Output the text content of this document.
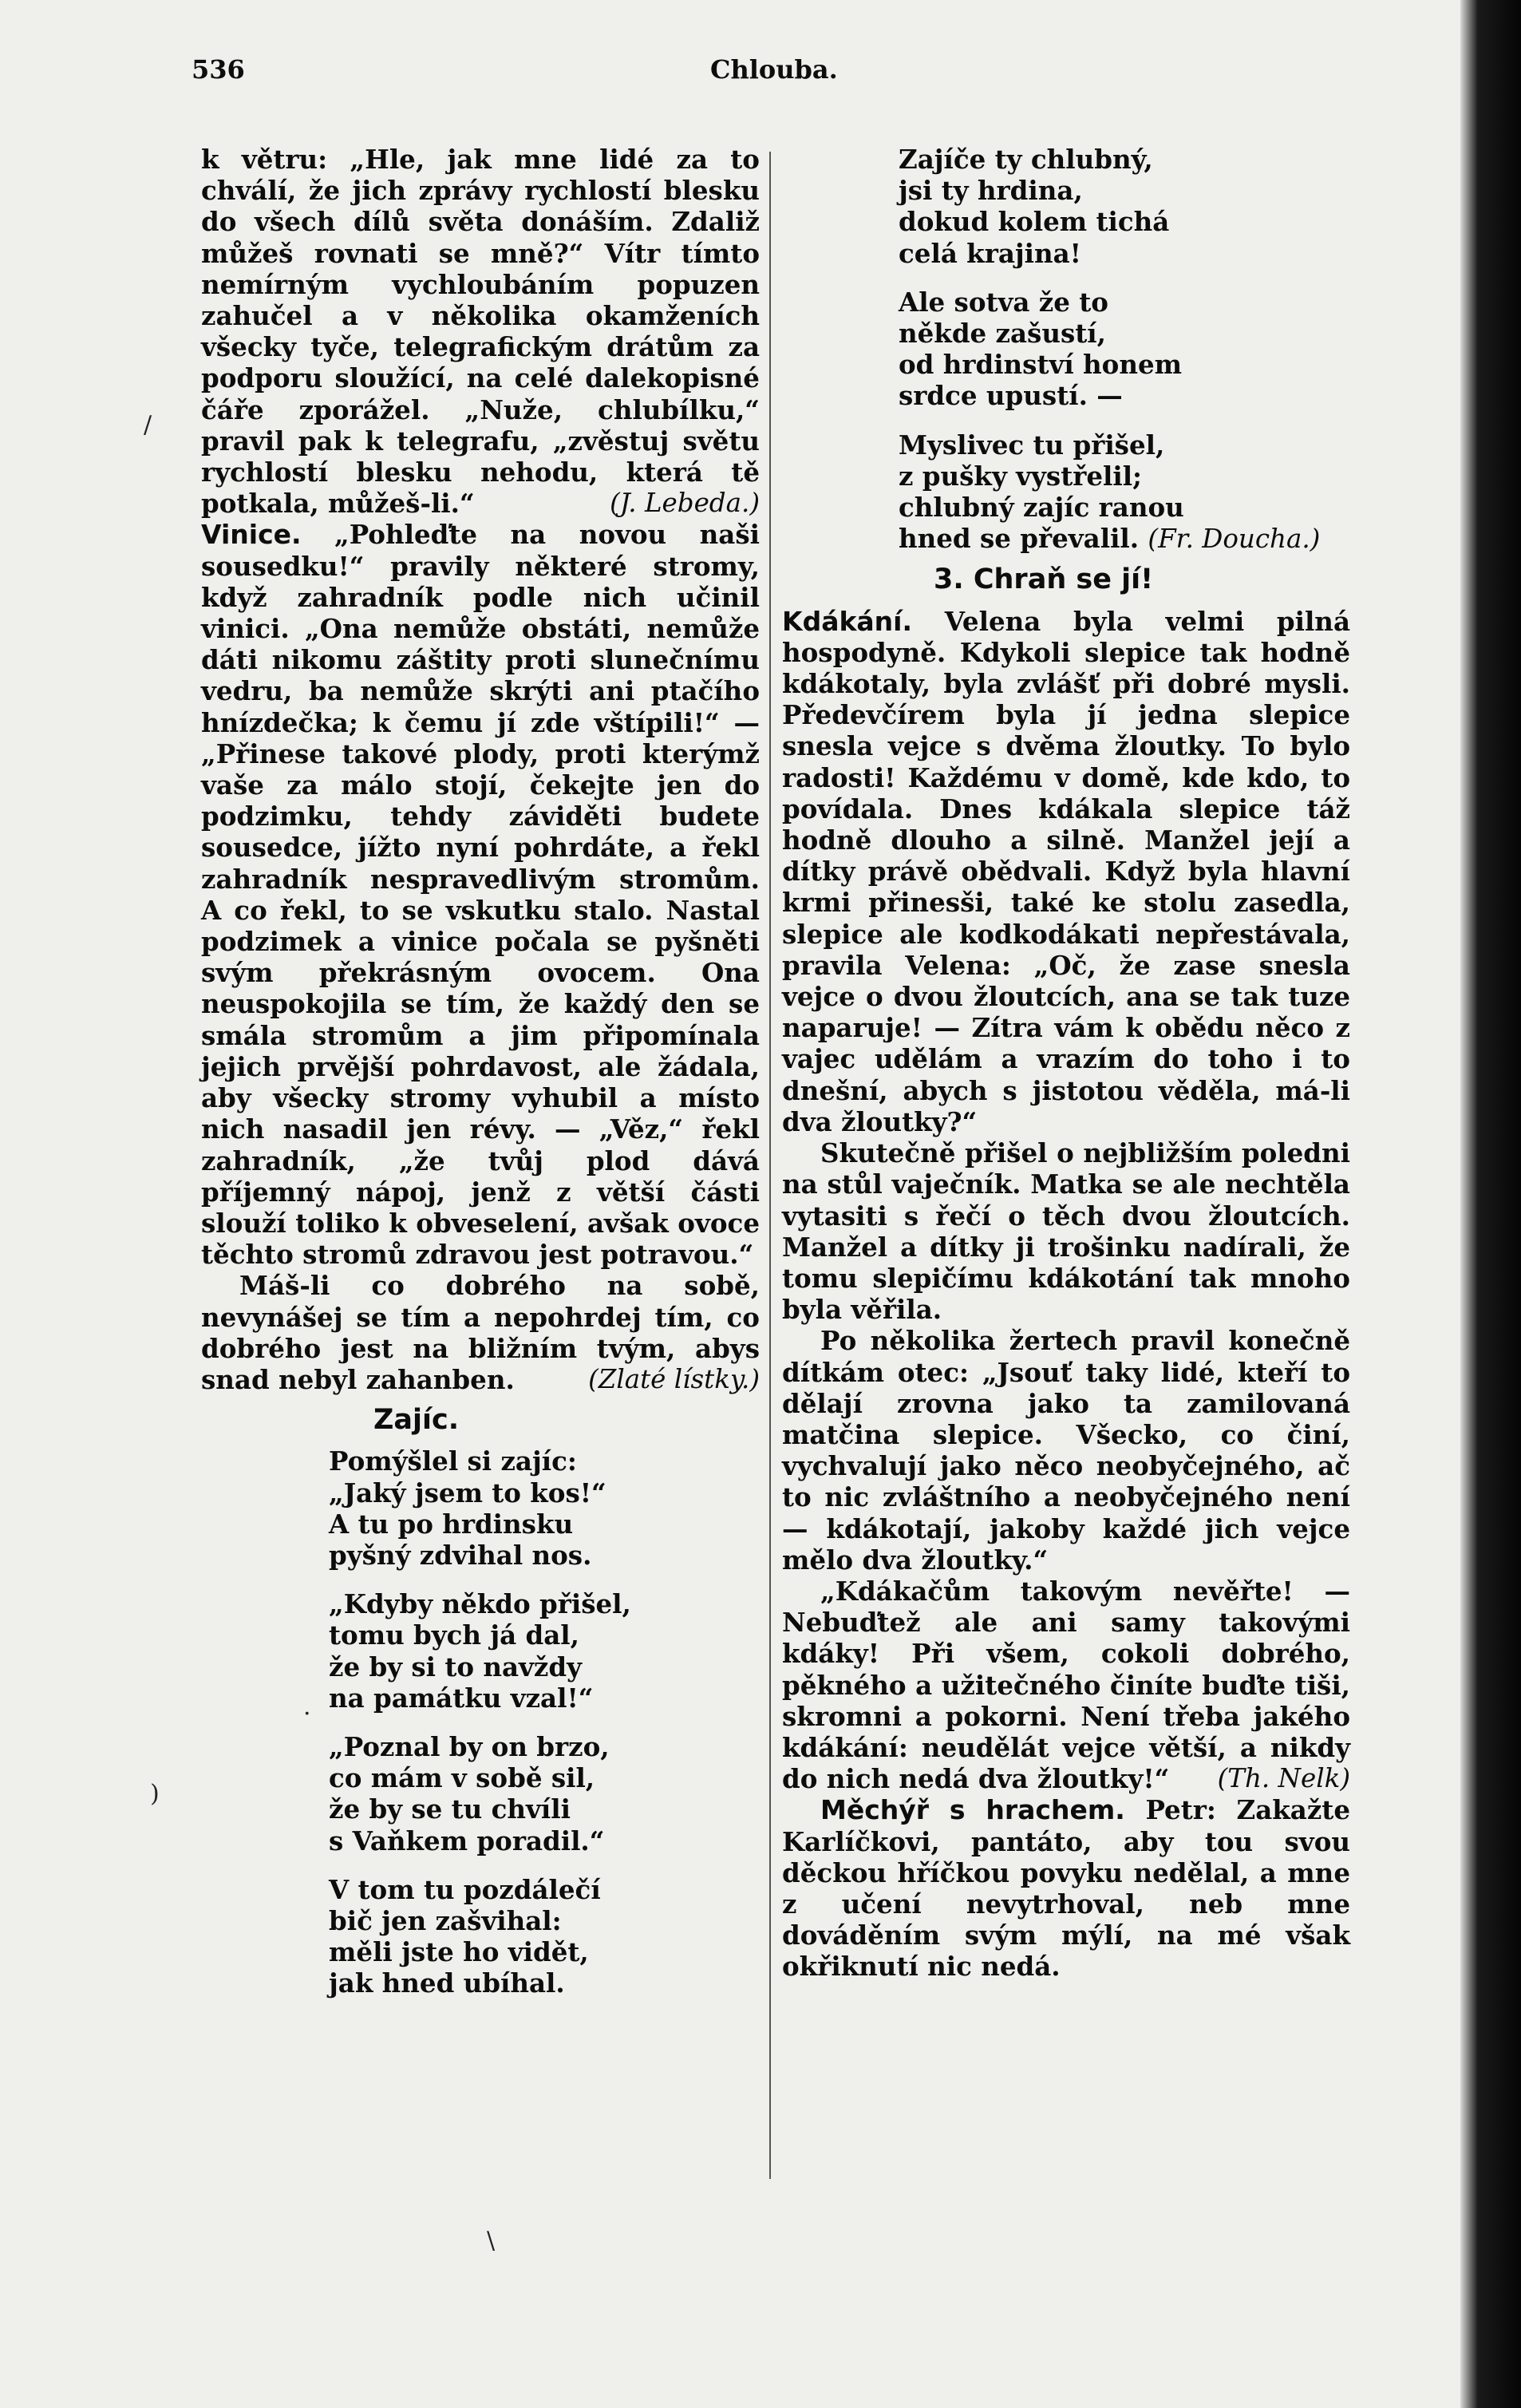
536	Chlouba.

k větru: „Hle, jak mne lidé za to chválí, že jich zprávy rychlostí blesku do všech dílů světa donáším. Zdaliž můžeš rovnati se mně?“ Vítr tímto nemírným vychloubáním popuzen zahučel a v několika okamženích všecky tyče, telegrafickým drátům za podporu sloužící, na celé dalekopisné čáře zporážel. „Nuže, chlubílku,“ pravil pak k telegrafu, „zvěstuj světu rychlostí blesku nehodu, která tě potkala, můžeš-li.“	(J. Lebeda.)

Vinice. „Pohleďte na novou naši sousedku!“ pravily některé stromy, když zahradník podle nich učinil vinici. „Ona nemůže obstáti, nemůže dáti nikomu záštity proti slunečnímu vedru, ba nemůže skrýti ani ptačího hnízdečka; k čemu jí zde vštípili!“ — „Přinese takové plody, proti kterýmž vaše za málo stojí, čekejte jen do podzimku, tehdy záviděti budete sousedce, jížto nyní pohrdáte, a řekl zahradník nespravedlivým stromům. A co řekl, to se vskutku stalo. Nastal podzimek a vinice počala se pyšněti svým překrásným ovocem. Ona neuspokojila se tím, že každý den se smála stromům a jim připomínala jejich prvější pohrdavost, ale žádala, aby všecky stromy vyhubil a místo nich nasadil jen révy. — „Věz,“ řekl zahradník, „že tvůj plod dává příjemný nápoj, jenž z větší části slouží toliko k obveselení, avšak ovoce těchto stromů zdravou jest potravou.“

Máš-li co dobrého na sobě, nevynášej se tím a nepohrdej tím, co dobrého jest na bližním tvým, abys snad nebyl zahanben.	(Zlaté lístky.)

Zajíc.
Pomýšlel si zajíc:
„Jaký jsem to kos!“
A tu po hrdinsku
pyšný zdvihal nos.
„Kdyby někdo přišel,
tomu bych já dal,
že by si to navždy
na památku vzal!“
„Poznal by on brzo,
co mám v sobě sil,
že by se tu chvíli
s Vaňkem poradil.“
V tom tu pozdálečí
bič jen zašvihal:
měli jste ho vidět,
jak hned ubíhal.
Zajíče ty chlubný,
jsi ty hrdina,
dokud kolem tichá
celá krajina!
Ale sotva že to
někde zašustí,
od hrdinství honem
srdce upustí. —
Myslivec tu přišel,
z pušky vystřelil;
chlubný zajíc ranou
hned se převalil. (Fr. Doucha.)
3. Chraň se jí!

Kdákání. Velena byla velmi pilná hospodyně. Kdykoli slepice tak hodně kdákotaly, byla zvlášť při dobré mysli. Předevčírem byla jí jedna slepice snesla vejce s dvěma žloutky. To bylo radosti! Každému v domě, kde kdo, to povídala. Dnes kdákala slepice táž hodně dlouho a silně. Manžel její a dítky právě obědvali. Když byla hlavní krmi přinesši, také ke stolu zasedla, slepice ale kodkodákati nepřestávala, pravila Velena: „Oč, že zase snesla vejce o dvou žloutcích, ana se tak tuze naparuje! — Zítra vám k obědu něco z vajec udělám a vrazím do toho i to dnešní, abych s jistotou věděla, má-li dva žloutky?“

Skutečně přišel o nejbližším poledni na stůl vaječník. Matka se ale nechtěla vytasiti s řečí o těch dvou žloutcích. Manžel a dítky ji trošinku nadírali, že tomu slepičímu kdákotání tak mnoho byla věřila.

Po několika žertech pravil konečně dítkám otec: „Jsouť taky lidé, kteří to dělají zrovna jako ta zamilovaná matčina slepice. Všecko, co činí, vychvalují jako něco neobyčejného, ač to nic zvláštního a neobyčejného není — kdákotají, jakoby každé jich vejce mělo dva žloutky.“

„Kdákačům takovým nevěřte! — Nebuďtež ale ani samy takovými kdáky! Při všem, cokoli dobrého, pěkného a užitečného činíte buďte tiši, skromni a pokorni. Není třeba jakého kdákání: neudělát vejce větší, a nikdy do nich nedá dva žloutky!“	(Th. Nelk)

Měchýř s hrachem. Petr: Zakažte Karlíčkovi, pantáto, aby tou svou děckou hříčkou povyku nedělal, a mne z učení nevytrhoval, neb mne dováděním svým mýlí, na mé však okřiknutí nic nedá.

/
)
·
\
